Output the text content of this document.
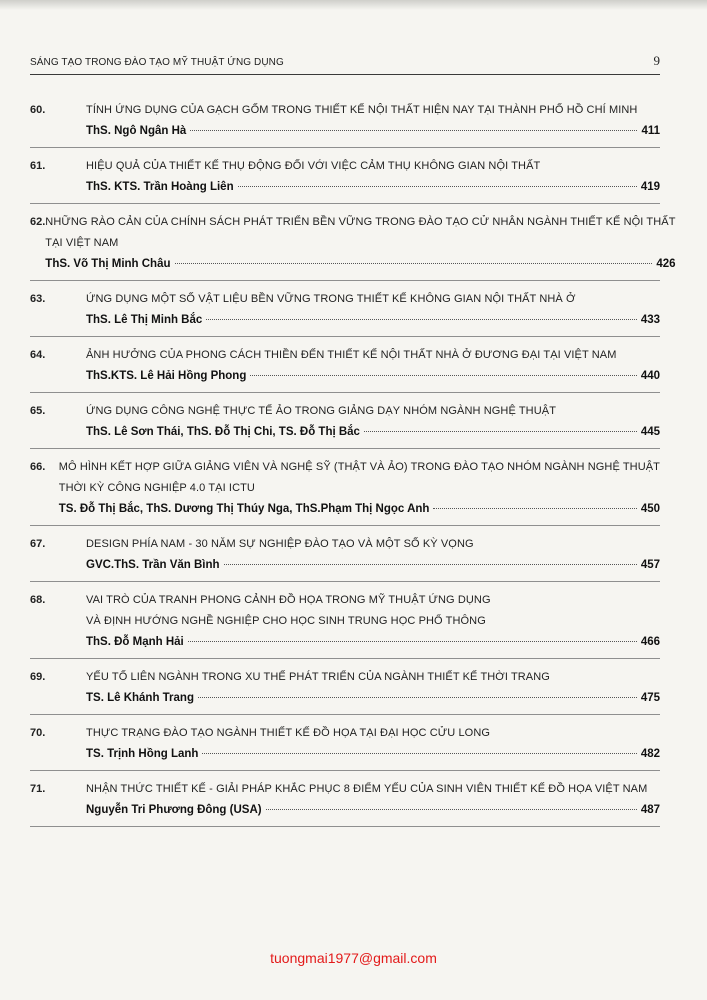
SÁNG TẠO TRONG ĐÀO TẠO MỸ THUẬT ỨNG DỤNG	9
60.	TÍNH ỨNG DỤNG CỦA GẠCH GỐM TRONG THIẾT KẾ NỘI THẤT HIỆN NAY TẠI THÀNH PHỐ HỒ CHÍ MINH
ThS. Ngô Ngân Hà	411
61.	HIỆU QUẢ CỦA THIẾT KẾ THỤ ĐỘNG ĐỐI VỚI VIỆC CẢM THỤ KHÔNG GIAN NỘI THẤT
ThS. KTS. Trần Hoàng Liên	419
62. NHỮNG RÀO CẢN CỦA CHÍNH SÁCH PHÁT TRIỂN BỀN VỮNG TRONG ĐÀO TẠO CỬ NHÂN NGÀNH THIẾT KẾ NỘI THẤT
TẠI VIỆT NAM
ThS. Võ Thị Minh Châu	426
63.	ỨNG DỤNG MỘT SỐ VẬT LIỆU BỀN VỮNG TRONG THIẾT KẾ KHÔNG GIAN NỘI THẤT NHÀ Ở
ThS. Lê Thị Minh Bắc	433
64.	ẢNH HƯỞNG CỦA PHONG CÁCH THIỀN ĐẾN THIẾT KẾ NỘI THẤT NHÀ Ở ĐƯƠNG ĐẠI TẠI VIỆT NAM
ThS.KTS. Lê Hải Hồng Phong	440
65.	ỨNG DỤNG CÔNG NGHỆ THỰC TẾ ẢO TRONG GIẢNG DẠY NHÓM NGÀNH NGHỆ THUẬT
ThS. Lê Sơn Thái, ThS. Đỗ Thị Chi, TS. Đỗ Thị Bắc	445
66.	MÔ HÌNH KẾT HỢP GIỮA GIẢNG VIÊN VÀ NGHỆ SỸ (THẬT VÀ ẢO) TRONG ĐÀO TẠO NHÓM NGÀNH NGHỆ THUẬT
THỜI KỲ CÔNG NGHIỆP 4.0 TẠI ICTU
TS. Đỗ Thị Bắc, ThS. Dương Thị Thúy Nga, ThS.Phạm Thị Ngọc Anh	450
67.	DESIGN PHÍA NAM - 30 NĂM SỰ NGHIỆP ĐÀO TẠO VÀ MỘT SỐ KỲ VỌNG
GVC.ThS. Trần Văn Bình	457
68.	VAI TRÒ CỦA TRANH PHONG CẢNH ĐỒ HỌA TRONG MỸ THUẬT ỨNG DỤNG
VÀ ĐỊNH HƯỚNG NGHỀ NGHIỆP CHO HỌC SINH TRUNG HỌC PHỔ THÔNG
ThS. Đỗ Mạnh Hải	466
69.	YẾU TỐ LIÊN NGÀNH TRONG XU THẾ PHÁT TRIỂN CỦA NGÀNH THIẾT KẾ THỜI TRANG
TS. Lê Khánh Trang	475
70.	THỰC TRẠNG ĐÀO TẠO NGÀNH THIẾT KẾ ĐỒ HỌA TẠI ĐẠI HỌC CỬU LONG
TS. Trịnh Hồng Lanh	482
71.	NHẬN THỨC THIẾT KẾ - GIẢI PHÁP KHẮC PHỤC 8 ĐIỂM YẾU CỦA SINH VIÊN THIẾT KẾ ĐỒ HỌA VIỆT NAM
Nguyễn Tri Phương Đông (USA)	487
tuongmai1977@gmail.com
